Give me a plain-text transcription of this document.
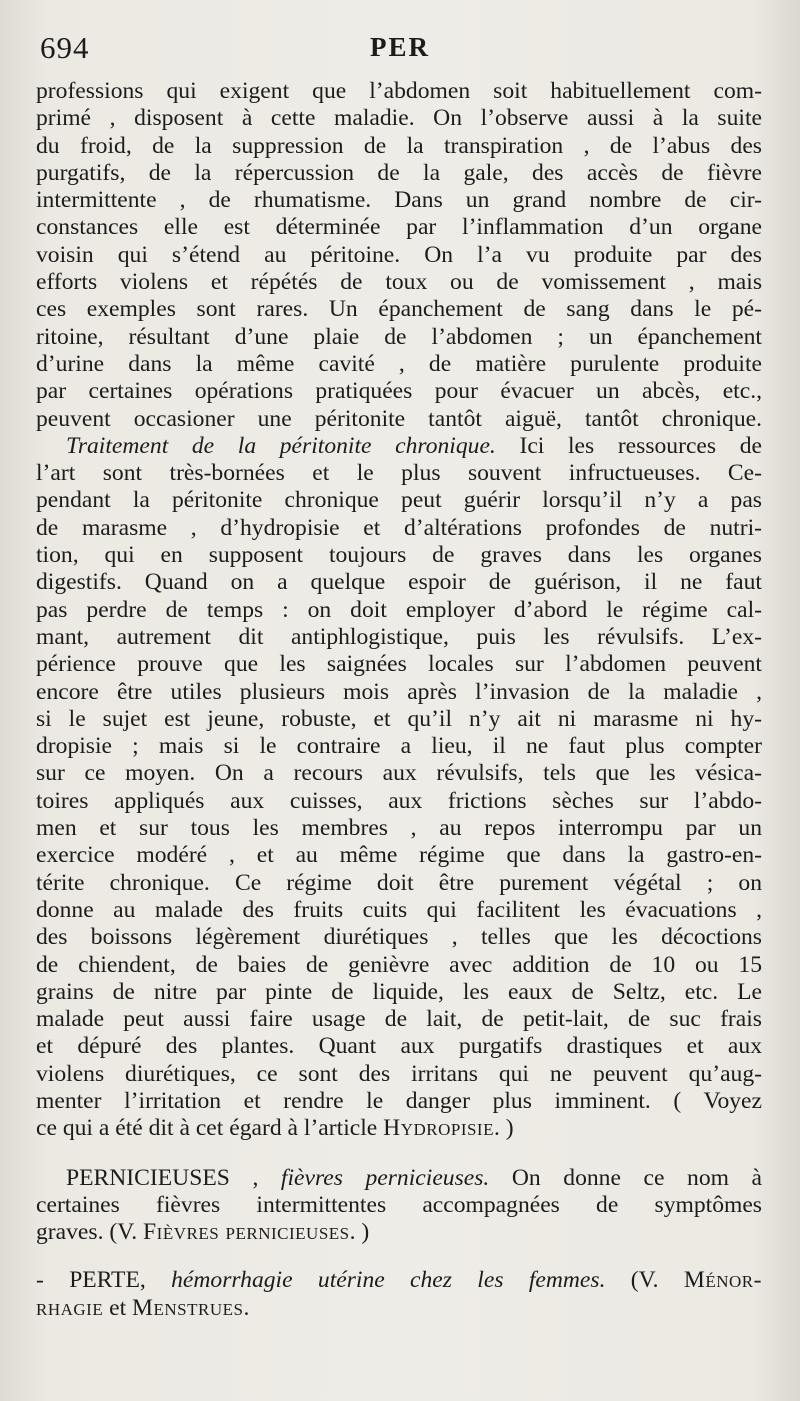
694	PER
professions qui exigent que l’abdomen soit habituellement com-
primé , disposent à cette maladie. On l’observe aussi à la suite
du froid, de la suppression de la transpiration , de l’abus des
purgatifs, de la répercussion de la gale, des accès de fièvre
intermittente , de rhumatisme. Dans un grand nombre de cir-
constances elle est déterminée par l’inflammation d’un organe
voisin qui s’étend au péritoine. On l’a vu produite par des
efforts violens et répétés de toux ou de vomissement , mais
ces exemples sont rares. Un épanchement de sang dans le pé-
ritoine, résultant d’une plaie de l’abdomen ; un épanchement
d’urine dans la même cavité , de matière purulente produite
par certaines opérations pratiquées pour évacuer un abcès, etc.,
peuvent occasioner une péritonite tantôt aiguë, tantôt chronique.
Traitement de la péritonite chronique. Ici les ressources de
l’art sont très-bornées et le plus souvent infructueuses. Ce-
pendant la péritonite chronique peut guérir lorsqu’il n’y a pas
de marasme , d’hydropisie et d’altérations profondes de nutri-
tion, qui en supposent toujours de graves dans les organes
digestifs. Quand on a quelque espoir de guérison, il ne faut
pas perdre de temps : on doit employer d’abord le régime cal-
mant, autrement dit antiphlogistique, puis les révulsifs. L’ex-
périence prouve que les saignées locales sur l’abdomen peuvent
encore être utiles plusieurs mois après l’invasion de la maladie ,
si le sujet est jeune, robuste, et qu’il n’y ait ni marasme ni hy-
dropisie ; mais si le contraire a lieu, il ne faut plus compter
sur ce moyen. On a recours aux révulsifs, tels que les vésica-
toires appliqués aux cuisses, aux frictions sèches sur l’abdo-
men et sur tous les membres , au repos interrompu par un
exercice modéré , et au même régime que dans la gastro-en-
térite chronique. Ce régime doit être purement végétal ; on
donne au malade des fruits cuits qui facilitent les évacuations ,
des boissons légèrement diurétiques , telles que les décoctions
de chiendent, de baies de genièvre avec addition de 10 ou 15
grains de nitre par pinte de liquide, les eaux de Seltz, etc. Le
malade peut aussi faire usage de lait, de petit-lait, de suc frais
et dépuré des plantes. Quant aux purgatifs drastiques et aux
violens diurétiques, ce sont des irritans qui ne peuvent qu’aug-
menter l’irritation et rendre le danger plus imminent. ( Voyez
ce qui a été dit à cet égard à l’article Hydropisie. )
PERNICIEUSES , fièvres pernicieuses. On donne ce nom à
certaines fièvres intermittentes accompagnées de symptômes
graves. (V. Fièvres pernicieuses. )
- PERTE, hémorrhagie utérine chez les femmes. (V. Ménor-
rhagie et Menstrues.
